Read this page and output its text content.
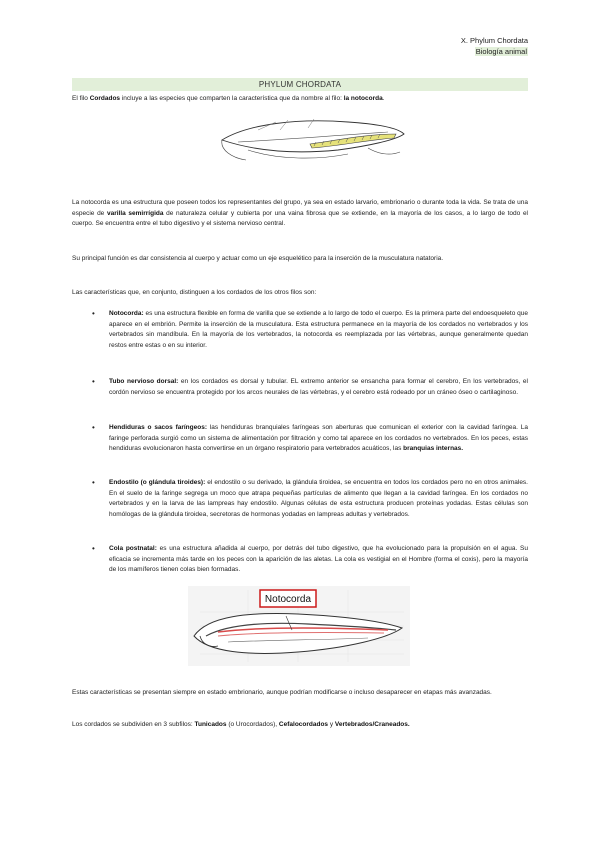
X. Phylum Chordata
Biología animal
PHYLUM CHORDATA
El filo Cordados incluye a las especies que comparten la característica que da nombre al filo: la notocorda.
La notocorda es una estructura que poseen todos los representantes del grupo, ya sea en estado larvario, embrionario o durante toda la vida. Se trata de una especie de varilla semirrígida de naturaleza celular y cubierta por una vaina fibrosa que se extiende, en la mayoría de los casos, a lo largo de todo el cuerpo. Se encuentra entre el tubo digestivo y el sistema nervioso central.
Su principal función es dar consistencia al cuerpo y actuar como un eje esquelético para la inserción de la musculatura natatoria.
Las características que, en conjunto, distinguen a los cordados de los otros filos son:
• Notocorda: es una estructura flexible en forma de varilla que se extiende a lo largo de todo el cuerpo. Es la primera parte del endoesqueleto que aparece en el embrión. Permite la inserción de la musculatura. Esta estructura permanece en la mayoría de los cordados no vertebrados y los vertebrados sin mandíbula. En la mayoría de los vertebrados, la notocorda es reemplazada por las vértebras, aunque generalmente quedan restos entre estas o en su interior.
• Tubo nervioso dorsal: en los cordados es dorsal y tubular. EL extremo anterior se ensancha para formar el cerebro, En los vertebrados, el cordón nervioso se encuentra protegido por los arcos neurales de las vértebras, y el cerebro está rodeado por un cráneo óseo o cartilaginoso.
• Hendiduras o sacos faríngeos: las hendiduras branquiales faríngeas son aberturas que comunican el exterior con la cavidad faríngea. La faringe perforada surgió como un sistema de alimentación por filtración y como tal aparece en los cordados no vertebrados. En los peces, estas hendiduras evolucionaron hasta convertirse en un órgano respiratorio para vertebrados acuáticos, las branquias internas.
• Endostilo (o glándula tiroides): el endostilo o su derivado, la glándula tiroidea, se encuentra en todos los cordados pero no en otros animales. En el suelo de la faringe segrega un moco que atrapa pequeñas partículas de alimento que llegan a la cavidad faríngea. En los cordados no vertebrados y en la larva de las lampreas hay endostilo. Algunas células de esta estructura producen proteínas yodadas. Estas células son homólogas de la glándula tiroidea, secretoras de hormonas yodadas en lampreas adultas y vertebrados.
• Cola postnatal: es una estructura añadida al cuerpo, por detrás del tubo digestivo, que ha evolucionado para la propulsión en el agua. Su eficacia se incrementa más tarde en los peces con la aparición de las aletas. La cola es vestigial en el Hombre (forma el coxis), pero la mayoría de los mamíferos tienen colas bien formadas.
Notocorda
Estas características se presentan siempre en estado embrionario, aunque podrían modificarse o incluso desaparecer en etapas más avanzadas.
Los cordados se subdividen en 3 subfilos: Tunicados (o Urocordados), Cefalocordados y Vertebrados/Craneados.
